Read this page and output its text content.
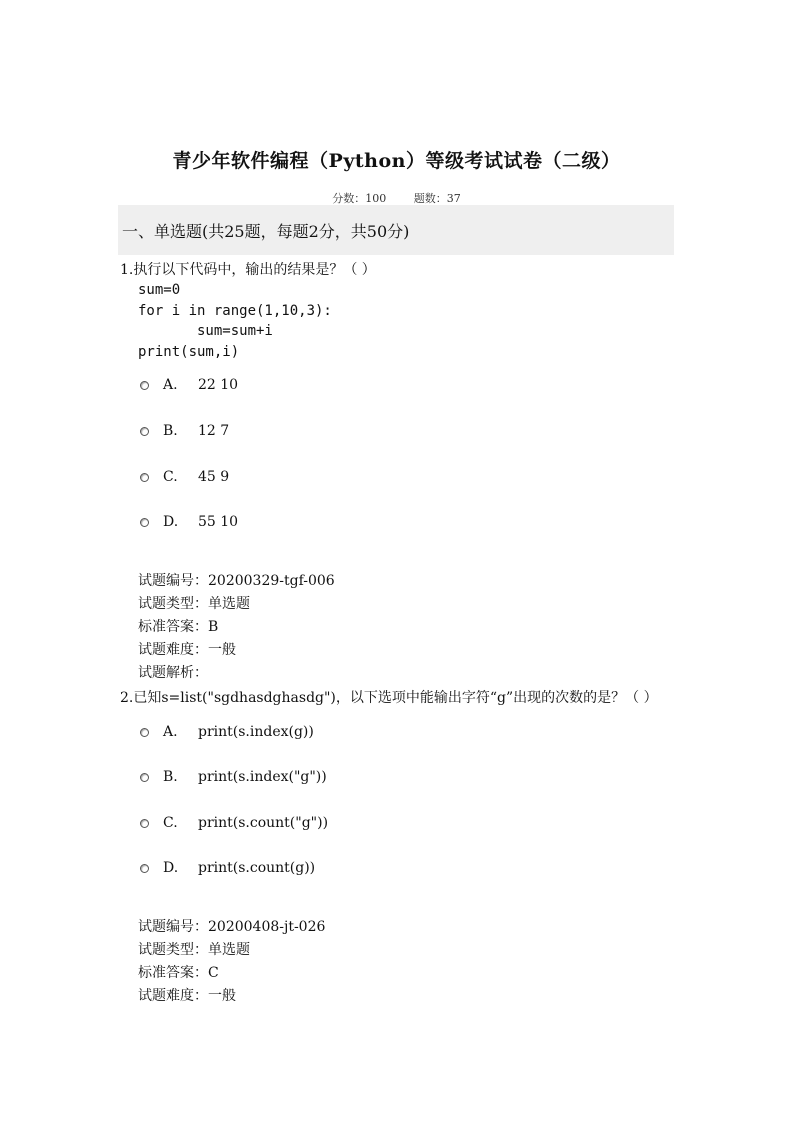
青少年软件编程（Python）等级考试试卷（二级）
分数：100	题数：37
一、单选题(共25题，每题2分，共50分)
1.执行以下代码中，输出的结果是？（ ）
sum=0
for i in range(1,10,3):
sum=sum+i
print(sum,i)
A.	22 10
B.	12 7
C.	45 9
D.	55 10
试题编号：20200329-tgf-006
试题类型：单选题
标准答案：B
试题难度：一般
试题解析：
2.已知s=list("sgdhasdghasdg")，以下选项中能输出字符“g”出现的次数的是？（ ）
A.	print(s.index(g))
B.	print(s.index("g"))
C.	print(s.count("g"))
D.	print(s.count(g))
试题编号：20200408-jt-026
试题类型：单选题
标准答案：C
试题难度：一般
